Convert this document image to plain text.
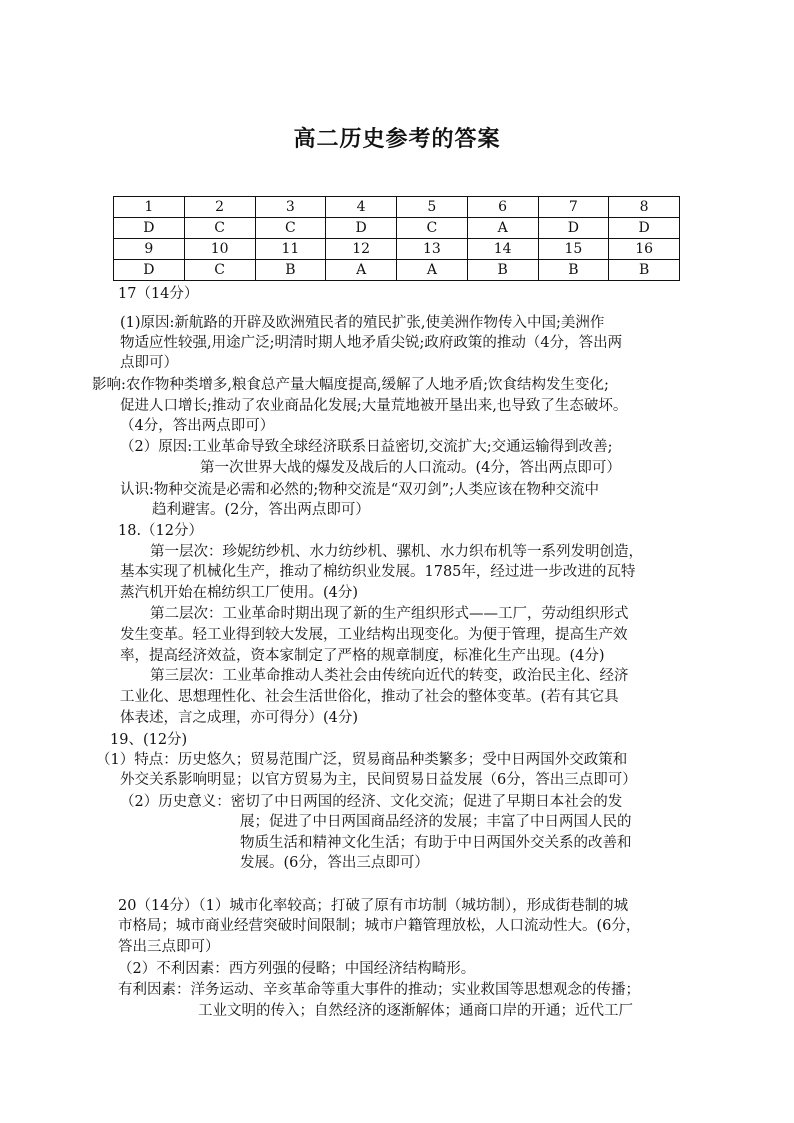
高二历史参考的答案
1	2	3	4	5	6	7	8
D	C	C	D	C	A	D	D
9	10	11	12	13	14	15	16
D	C	B	A	A	B	B	B
17（14分）
(1)原因:新航路的开辟及欧洲殖民者的殖民扩张,使美洲作物传入中国;美洲作
物适应性较强,用途广泛;明清时期人地矛盾尖锐;政府政策的推动（4分，答出两
点即可）
影响:农作物种类增多,粮食总产量大幅度提高,缓解了人地矛盾;饮食结构发生变化;
促进人口增长;推动了农业商品化发展;大量荒地被开垦出来,也导致了生态破坏。
（4分，答出两点即可）
（2）原因:工业革命导致全球经济联系日益密切,交流扩大;交通运输得到改善;
第一次世界大战的爆发及战后的人口流动。(4分，答出两点即可）
认识:物种交流是必需和必然的;物种交流是“双刃剑”;人类应该在物种交流中
趋利避害。(2分，答出两点即可）
18.（12分）
第一层次：珍妮纺纱机、水力纺纱机、骡机、水力织布机等一系列发明创造，
基本实现了机械化生产，推动了棉纺织业发展。1785年，经过进一步改进的瓦特
蒸汽机开始在棉纺织工厂使用。(4分)
第二层次：工业革命时期出现了新的生产组织形式——工厂，劳动组织形式
发生变革。轻工业得到较大发展，工业结构出现变化。为便于管理，提高生产效
率，提高经济效益，资本家制定了严格的规章制度，标准化生产出现。(4分)
第三层次：工业革命推动人类社会由传统向近代的转变，政治民主化、经济
工业化、思想理性化、社会生活世俗化，推动了社会的整体变革。(若有其它具
体表述，言之成理，亦可得分）(4分)
19、(12分)
（1）特点：历史悠久；贸易范围广泛，贸易商品种类繁多；受中日两国外交政策和
外交关系影响明显；以官方贸易为主，民间贸易日益发展（6分，答出三点即可）
（2）历史意义：密切了中日两国的经济、文化交流；促进了早期日本社会的发
展；促进了中日两国商品经济的发展；丰富了中日两国人民的
物质生活和精神文化生活；有助于中日两国外交关系的改善和
发展。(6分，答出三点即可）
20（14分）（1）城市化率较高；打破了原有市坊制（城坊制），形成街巷制的城
市格局；城市商业经营突破时间限制；城市户籍管理放松，人口流动性大。(6分，
答出三点即可）
（2）不利因素：西方列强的侵略；中国经济结构畸形。
有利因素：洋务运动、辛亥革命等重大事件的推动；实业救国等思想观念的传播；
工业文明的传入；自然经济的逐渐解体；通商口岸的开通；近代工厂
